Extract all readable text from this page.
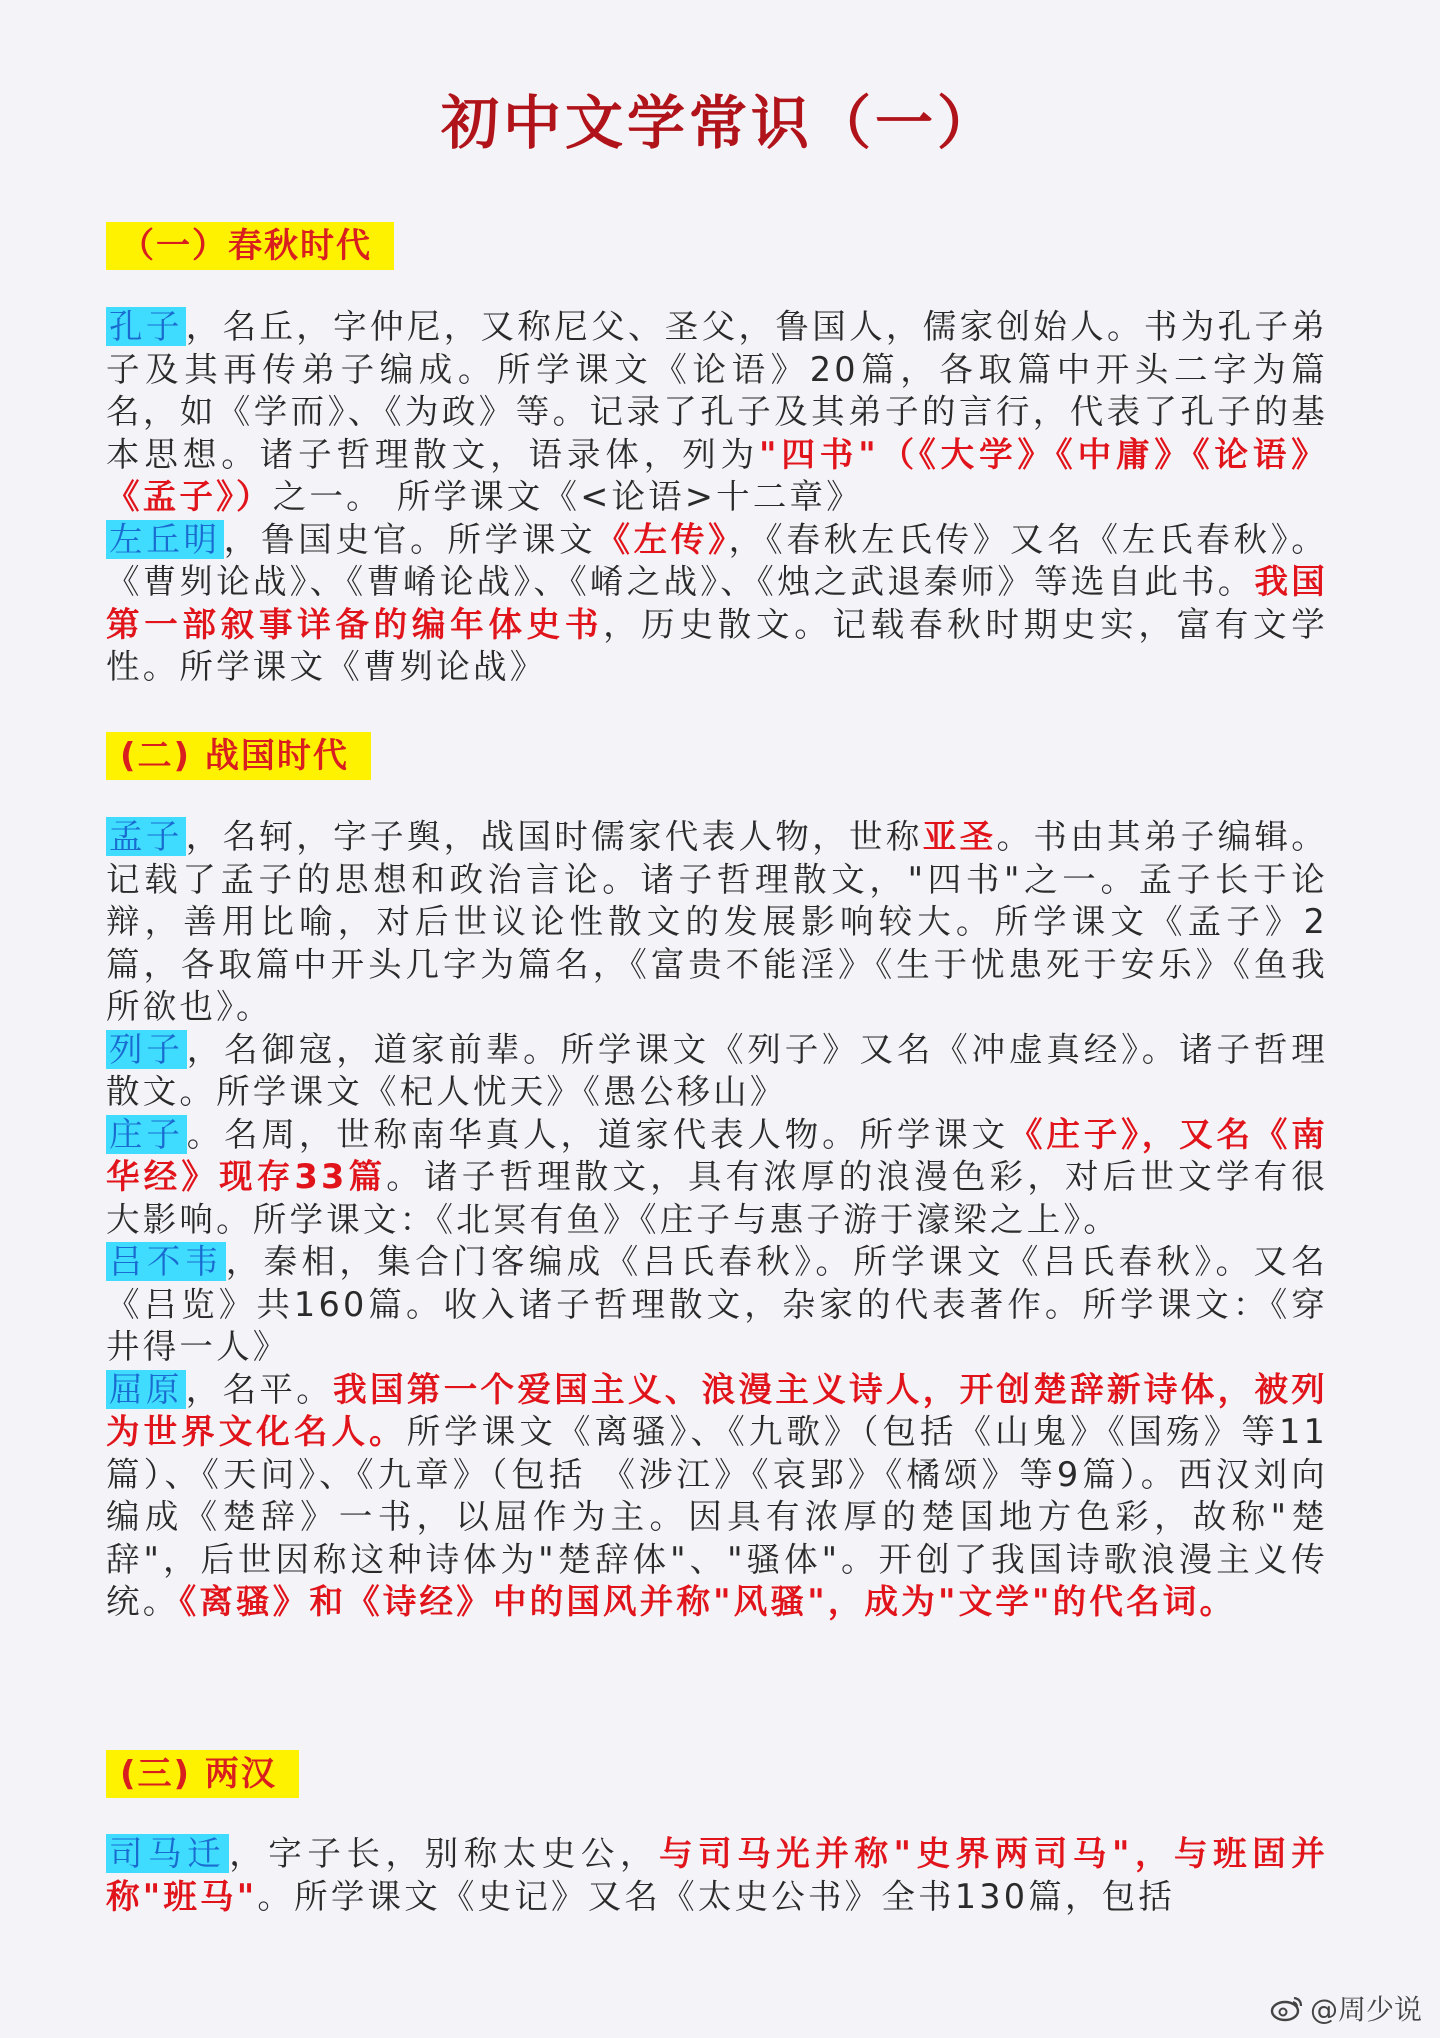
初中文学常识（一）
（一）春秋时代

孔子，名丘，字仲尼，又称尼父、圣父，鲁国人，儒家创始人。书为孔子弟子及其再传弟子编成。所学课文《论语》20篇，各取篇中开头二字为篇名，如《学而》、《为政》等。记录了孔子及其弟子的言行，代表了孔子的基本思想。诸子哲理散文，语录体，列为"四书"（《大学》《中庸》《论语》《孟子》）之一。 所学课文《<论语>十二章》

左丘明，鲁国史官。所学课文《左传》，《春秋左氏传》又名《左氏春秋》。《曹刿论战》、《曹崤论战》、《崤之战》、《烛之武退秦师》等选自此书。我国第一部叙事详备的编年体史书，历史散文。记载春秋时期史实，富有文学性。所学课文《曹刿论战》

(二) 战国时代

孟子，名轲，字子舆，战国时儒家代表人物，世称亚圣。书由其弟子编辑。记载了孟子的思想和政治言论。诸子哲理散文，"四书"之一。孟子长于论辩，善用比喻，对后世议论性散文的发展影响较大。所学课文《孟子》2篇，各取篇中开头几字为篇名，《富贵不能淫》《生于忧患死于安乐》《鱼我所欲也》。

列子，名御寇，道家前辈。所学课文《列子》又名《冲虚真经》。诸子哲理散文。所学课文《杞人忧天》《愚公移山》

庄子。名周，世称南华真人，道家代表人物。所学课文《庄子》，又名《南华经》现存33篇。诸子哲理散文，具有浓厚的浪漫色彩，对后世文学有很大影响。所学课文：《北冥有鱼》《庄子与惠子游于濠梁之上》。

吕不韦，秦相，集合门客编成《吕氏春秋》。所学课文《吕氏春秋》。又名《吕览》共160篇。收入诸子哲理散文，杂家的代表著作。所学课文：《穿井得一人》

屈原，名平。我国第一个爱国主义、浪漫主义诗人，开创楚辞新诗体，被列为世界文化名人。所学课文《离骚》、《九歌》（包括《山鬼》《国殇》等11篇）、《天问》、《九章》（包括 《涉江》《哀郢》《橘颂》等9篇）。西汉刘向编成《楚辞》一书，以屈作为主。因具有浓厚的楚国地方色彩，故称"楚辞"，后世因称这种诗体为"楚辞体"、"骚体"。开创了我国诗歌浪漫主义传统。《离骚》和《诗经》中的国风并称"风骚"，成为"文学"的代名词。

(三) 两汉

司马迁，字子长，别称太史公，与司马光并称"史界两司马"，与班固并称"班马"。所学课文《史记》又名《太史公书》全书130篇，包括

@周少说
